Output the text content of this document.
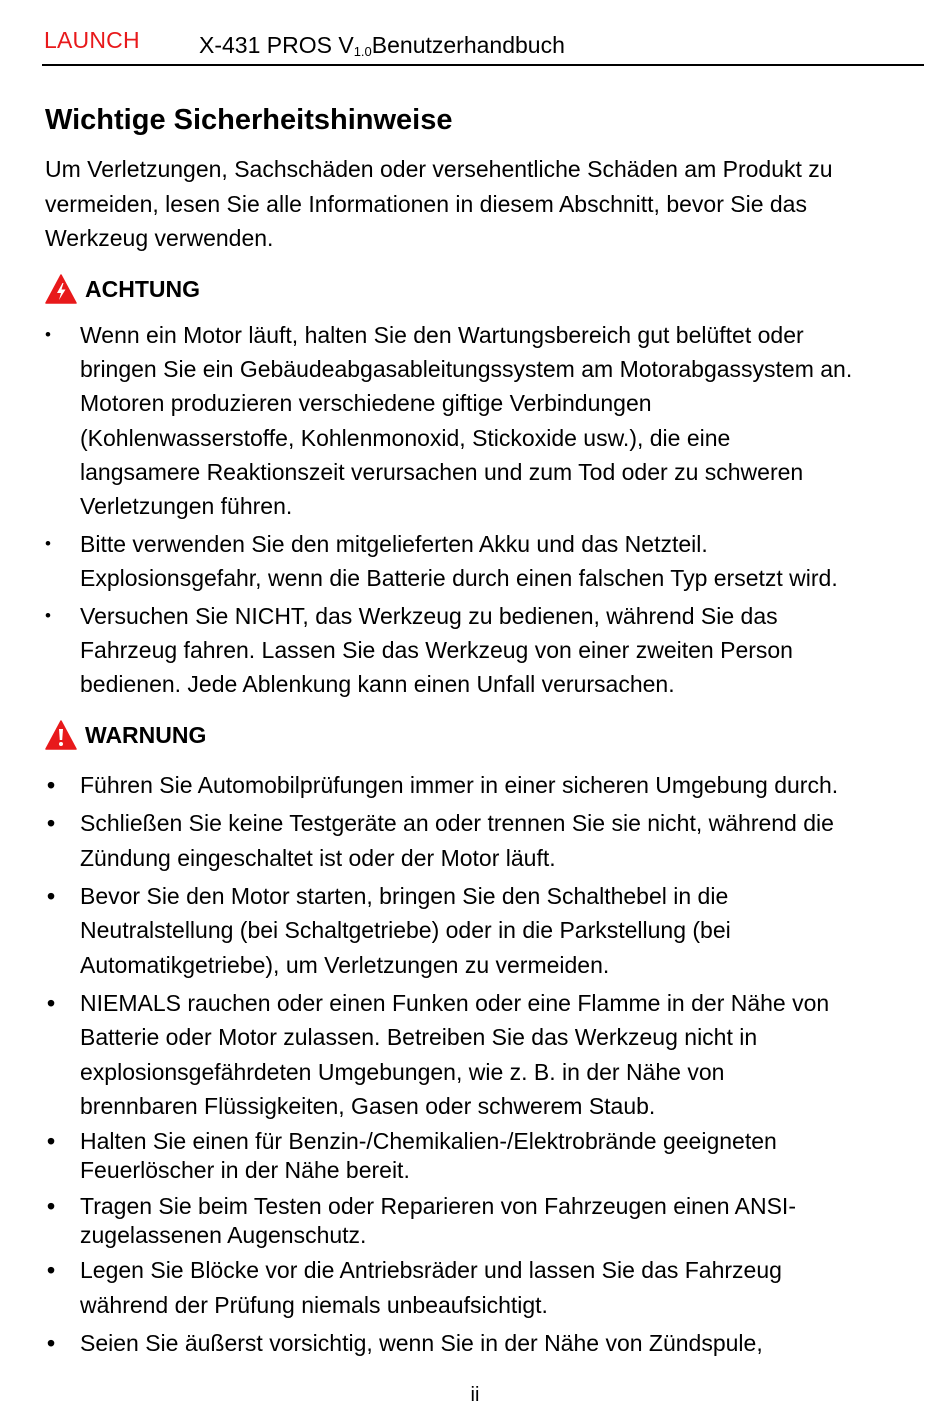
LAUNCH	X-431 PROS $V_{1.0}Benutzerhandbuch$
Wichtige Sicherheitshinweise

Um Verletzungen, Sachschäden oder versehentliche Schäden am Produkt zu
vermeiden, lesen Sie alle Informationen in diesem Abschnitt, bevor Sie das
Werkzeug verwenden.

ACHTUNG
• Wenn ein Motor läuft, halten Sie den Wartungsbereich gut belüftet oder
bringen Sie ein Gebäudeabgasableitungssystem am Motorabgassystem an.
Motoren produzieren verschiedene giftige Verbindungen
(Kohlenwasserstoffe, Kohlenmonoxid, Stickoxide usw.), die eine
langsamere Reaktionszeit verursachen und zum Tod oder zu schweren
Verletzungen führen.
• Bitte verwenden Sie den mitgelieferten Akku und das Netzteil.
Explosionsgefahr, wenn die Batterie durch einen falschen Typ ersetzt wird.
• Versuchen Sie NICHT, das Werkzeug zu bedienen, während Sie das
Fahrzeug fahren. Lassen Sie das Werkzeug von einer zweiten Person
bedienen. Jede Ablenkung kann einen Unfall verursachen.
WARNUNG
• Führen Sie Automobilprüfungen immer in einer sicheren Umgebung durch.
• Schließen Sie keine Testgeräte an oder trennen Sie sie nicht, während die
Zündung eingeschaltet ist oder der Motor läuft.
• Bevor Sie den Motor starten, bringen Sie den Schalthebel in die
Neutralstellung (bei Schaltgetriebe) oder in die Parkstellung (bei
Automatikgetriebe), um Verletzungen zu vermeiden.
• NIEMALS rauchen oder einen Funken oder eine Flamme in der Nähe von
Batterie oder Motor zulassen. Betreiben Sie das Werkzeug nicht in
explosionsgefährdeten Umgebungen, wie z. B. in der Nähe von
brennbaren Flüssigkeiten, Gasen oder schwerem Staub.
• Halten Sie einen für Benzin-/Chemikalien-/Elektrobrände geeigneten
Feuerlöscher in der Nähe bereit.
• Tragen Sie beim Testen oder Reparieren von Fahrzeugen einen ANSI-
zugelassenen Augenschutz.
• Legen Sie Blöcke vor die Antriebsräder und lassen Sie das Fahrzeug
während der Prüfung niemals unbeaufsichtigt.
• Seien Sie äußerst vorsichtig, wenn Sie in der Nähe von Zündspule,
ii
